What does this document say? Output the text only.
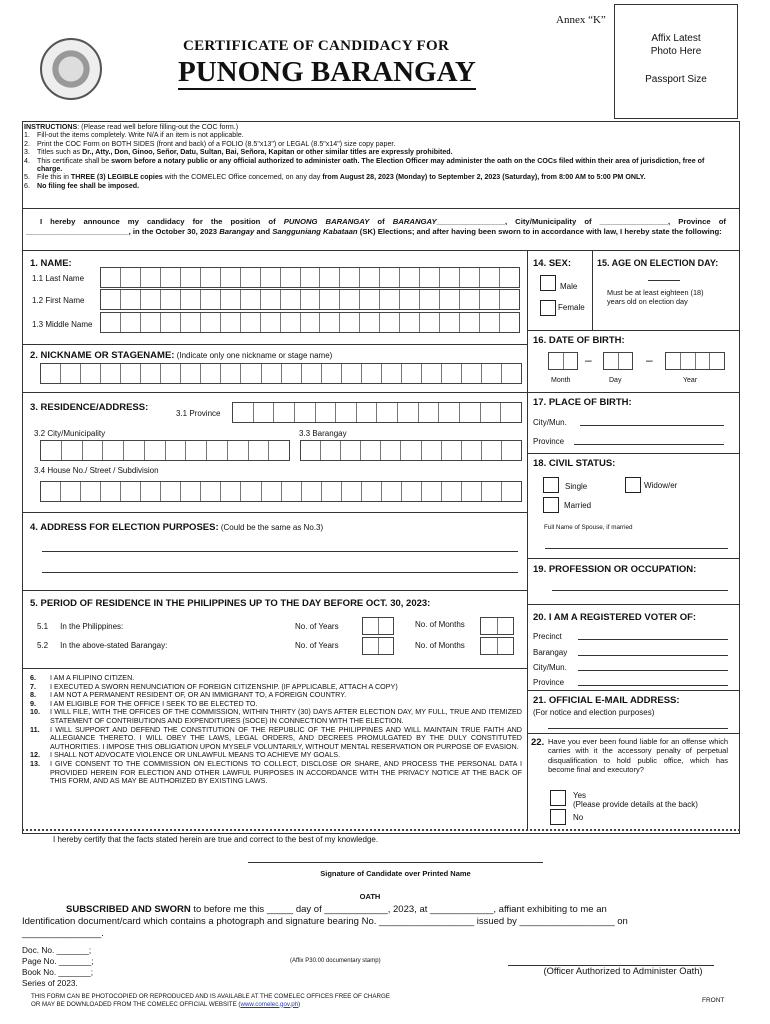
Annex “K”
CERTIFICATE OF CANDIDACY FOR
PUNONG BARANGAY
Affix Latest
Photo Here
Passport Size
INSTRUCTIONS: (Please read well before filling-out the COC form.)
1. Fill-out the items completely. Write N/A if an item is not applicable.
2. Print the COC Form on BOTH SIDES (front and back) of a FOLIO (8.5"x13") or LEGAL (8.5"x14") size copy paper.
3. Titles such as Dr., Atty., Don, Ginoo, Señor, Datu, Sultan, Bai, Señora, Kapitan or other similar titles are expressly prohibited.
4. This certificate shall be sworn before a notary public or any official authorized to administer oath. The Election Officer may administer the oath on the COCs filed within their area of jurisdiction, free of charge.
5. File this in THREE (3) LEGIBLE copies with the COMELEC Office concerned, on any day from August 28, 2023 (Monday) to September 2, 2023 (Saturday), from 8:00 AM to 5:00 PM ONLY.
6. No filing fee shall be imposed.
I hereby announce my candidacy for the position of PUNONG BARANGAY of BARANGAY________________, City/Municipality of ________________, Province of ________________________, in the October 30, 2023 Barangay and Sangguniang Kabataan (SK) Elections; and after having been sworn to in accordance with law, I hereby state the following:
1. NAME:
1.1 Last Name
1.2 First Name
1.3 Middle Name
2. NICKNAME OR STAGENAME: (Indicate only one nickname or stage name)
3. RESIDENCE/ADDRESS:
3.1 Province
3.2 City/Municipality	3.3 Barangay
3.4 House No./ Street / Subdivision
4. ADDRESS FOR ELECTION PURPOSES: (Could be the same as No.3)
5. PERIOD OF RESIDENCE IN THE PHILIPPINES UP TO THE DAY BEFORE OCT. 30, 2023:
5.1 In the Philippines:	No. of Years	No. of Months
5.2 In the above-stated Barangay:	No. of Years	No. of Months
6.	I AM A FILIPINO CITIZEN.
7.	I EXECUTED A SWORN RENUNCIATION OF FOREIGN CITIZENSHIP. (IF APPLICABLE, ATTACH A COPY)
8.	I AM NOT A PERMANENT RESIDENT OF, OR AN IMMIGRANT TO, A FOREIGN COUNTRY.
9.	I AM ELIGIBLE FOR THE OFFICE I SEEK TO BE ELECTED TO.
10.	I WILL FILE, WITH THE OFFICES OF THE COMMISSION, WITHIN THIRTY (30) DAYS AFTER ELECTION DAY, MY FULL, TRUE AND ITEMIZED STATEMENT OF CONTRIBUTIONS AND EXPENDITURES (SOCE) IN CONNECTION WITH THE ELECTION.
11.	I WILL SUPPORT AND DEFEND THE CONSTITUTION OF THE REPUBLIC OF THE PHILIPPINES AND WILL MAINTAIN TRUE FAITH AND ALLEGIANCE THERETO. I WILL OBEY THE LAWS, LEGAL ORDERS, AND DECREES PROMULGATED BY THE DULY CONSTITUTED AUTHORITIES. I IMPOSE THIS OBLIGATION UPON MYSELF VOLUNTARILY, WITHOUT MENTAL RESERVATION OR PURPOSE OF EVASION.
12.	I SHALL NOT ADVOCATE VIOLENCE OR UNLAWFUL MEANS TO ACHIEVE MY GOALS.
13.	I GIVE CONSENT TO THE COMMISSION ON ELECTIONS TO COLLECT, DISCLOSE OR SHARE, AND PROCESS THE PERSONAL DATA I PROVIDED HEREIN FOR ELECTION AND OTHER LAWFUL PURPOSES IN ACCORDANCE WITH THE PRIVACY NOTICE AT THE BACK OF THIS FORM, AND AS MAY BE AUTHORIZED BY EXISTING LAWS.
14. SEX:
Male
Female
15. AGE ON ELECTION DAY:
Must be at least eighteen (18) years old on election day
16. DATE OF BIRTH:
–	–
Month	Day	Year
17. PLACE OF BIRTH:
City/Mun.
Province
18. CIVIL STATUS:
Single	Widow/er
Married
Full Name of Spouse, if married
19. PROFESSION OR OCCUPATION:
20. I AM A REGISTERED VOTER OF:
Precinct
Barangay
City/Mun.
Province
21. OFFICIAL E-MAIL ADDRESS:
(For notice and election purposes)
22. Have you ever been found liable for an offense which carries with it the accessory penalty of perpetual disqualification to hold public office, which has become final and executory?
Yes
(Please provide details at the back)
No
I hereby certify that the facts stated herein are true and correct to the best of my knowledge.
Signature of Candidate over Printed Name
OATH
SUBSCRIBED AND SWORN to before me this _____ day of ____________, 2023, at ____________, affiant exhibiting to me an
Identification document/card which contains a photograph and signature bearing No. __________________ issued by __________________ on
_______________.
Doc. No. _______;
Page No. _______;
Book No. _______;
Series of 2023.
(Affix P30.00 documentary stamp)
(Officer Authorized to Administer Oath)
THIS FORM CAN BE PHOTOCOPIED OR REPRODUCED AND IS AVAILABLE AT THE COMELEC OFFICES FREE OF CHARGE
OR MAY BE DOWNLOADED FROM THE COMELEC OFFICIAL WEBSITE (www.comelec.gov.ph)	FRONT
